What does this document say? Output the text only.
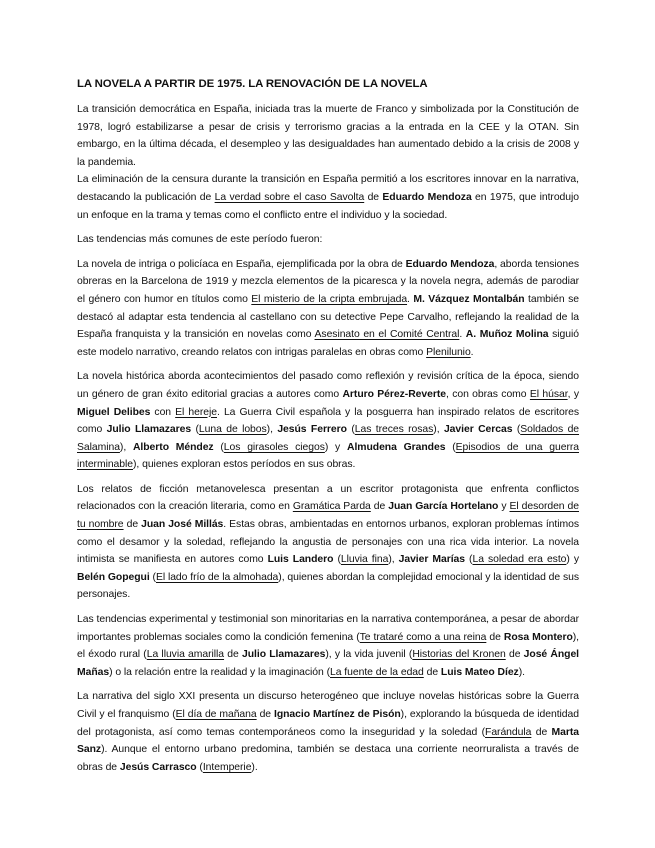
LA NOVELA A PARTIR DE 1975. LA RENOVACIÓN DE LA NOVELA

La transición democrática en España, iniciada tras la muerte de Franco y simbolizada por la Constitución de 1978, logró estabilizarse a pesar de crisis y terrorismo gracias a la entrada en la CEE y la OTAN. Sin embargo, en la última década, el desempleo y las desigualdades han aumentado debido a la crisis de 2008 y la pandemia.

La eliminación de la censura durante la transición en España permitió a los escritores innovar en la narrativa, destacando la publicación de La verdad sobre el caso Savolta de Eduardo Mendoza en 1975, que introdujo un enfoque en la trama y temas como el conflicto entre el individuo y la sociedad.

Las tendencias más comunes de este período fueron:

La novela de intriga o policíaca en España, ejemplificada por la obra de Eduardo Mendoza, aborda tensiones obreras en la Barcelona de 1919 y mezcla elementos de la picaresca y la novela negra, además de parodiar el género con humor en títulos como El misterio de la cripta embrujada. M. Vázquez Montalbán también se destacó al adaptar esta tendencia al castellano con su detective Pepe Carvalho, reflejando la realidad de la España franquista y la transición en novelas como Asesinato en el Comité Central. A. Muñoz Molina siguió este modelo narrativo, creando relatos con intrigas paralelas en obras como Plenilunio.

La novela histórica aborda acontecimientos del pasado como reflexión y revisión crítica de la época, siendo un género de gran éxito editorial gracias a autores como Arturo Pérez-Reverte, con obras como El húsar, y Miguel Delibes con El hereje. La Guerra Civil española y la posguerra han inspirado relatos de escritores como Julio Llamazares (Luna de lobos), Jesús Ferrero (Las treces rosas), Javier Cercas (Soldados de Salamina), Alberto Méndez (Los girasoles ciegos) y Almudena Grandes (Episodios de una guerra interminable), quienes exploran estos períodos en sus obras.

Los relatos de ficción metanovelesca presentan a un escritor protagonista que enfrenta conflictos relacionados con la creación literaria, como en Gramática Parda de Juan García Hortelano y El desorden de tu nombre de Juan José Millás. Estas obras, ambientadas en entornos urbanos, exploran problemas íntimos como el desamor y la soledad, reflejando la angustia de personajes con una rica vida interior. La novela intimista se manifiesta en autores como Luis Landero (Lluvia fina), Javier Marías (La soledad era esto) y Belén Gopegui (El lado frío de la almohada), quienes abordan la complejidad emocional y la identidad de sus personajes.

Las tendencias experimental y testimonial son minoritarias en la narrativa contemporánea, a pesar de abordar importantes problemas sociales como la condición femenina (Te trataré como a una reina de Rosa Montero), el éxodo rural (La lluvia amarilla de Julio Llamazares), y la vida juvenil (Historias del Kronen de José Ángel Mañas) o la relación entre la realidad y la imaginación (La fuente de la edad de Luis Mateo Díez).

La narrativa del siglo XXI presenta un discurso heterogéneo que incluye novelas históricas sobre la Guerra Civil y el franquismo (El día de mañana de Ignacio Martínez de Pisón), explorando la búsqueda de identidad del protagonista, así como temas contemporáneos como la inseguridad y la soledad (Farándula de Marta Sanz). Aunque el entorno urbano predomina, también se destaca una corriente neorruralista a través de obras de Jesús Carrasco (Intemperie).
